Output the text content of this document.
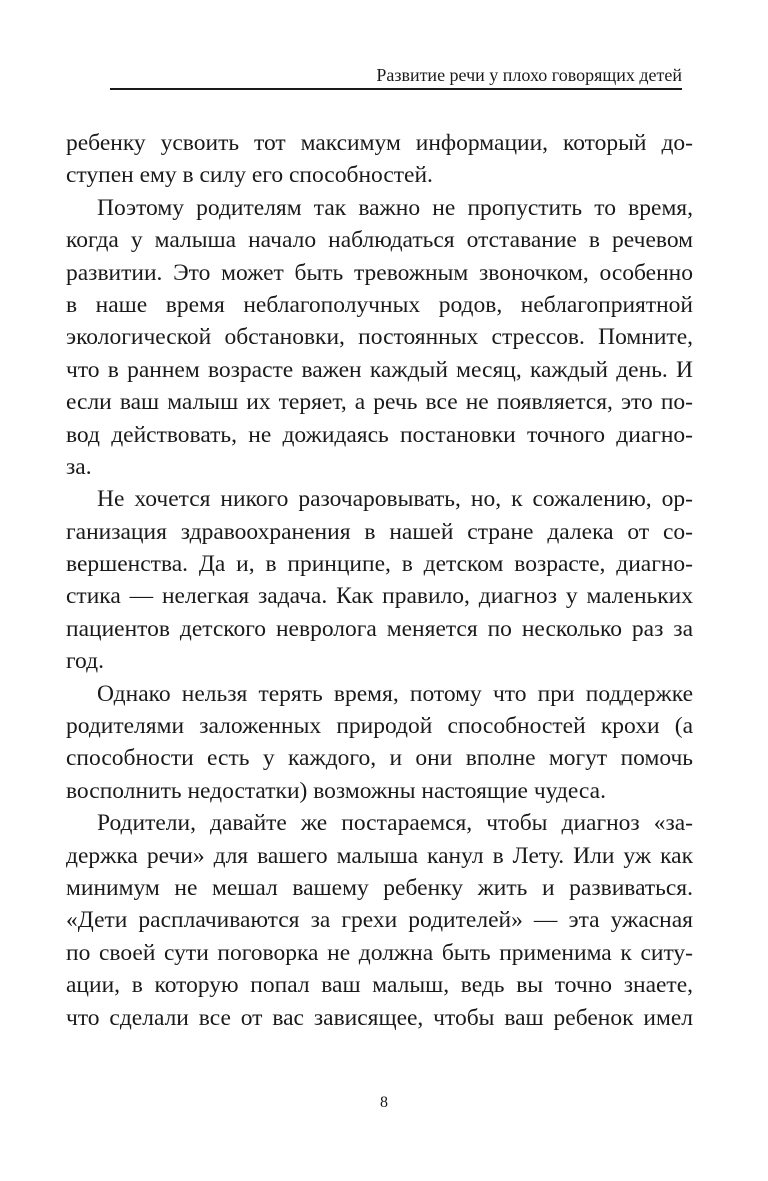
Развитие речи у плохо говорящих детей

ребенку усвоить тот максимум информации, который до-
ступен ему в силу его способностей.

Поэтому родителям так важно не пропустить то время,
когда у малыша начало наблюдаться отставание в речевом
развитии. Это может быть тревожным звоночком, особенно
в наше время неблагополучных родов, неблагоприятной
экологической обстановки, постоянных стрессов. Помните,
что в раннем возрасте важен каждый месяц, каждый день. И
если ваш малыш их теряет, а речь все не появляется, это по-
вод действовать, не дожидаясь постановки точного диагно-
за.

Не хочется никого разочаровывать, но, к сожалению, ор-
ганизация здравоохранения в нашей стране далека от со-
вершенства. Да и, в принципе, в детском возрасте, диагно-
стика — нелегкая задача. Как правило, диагноз у маленьких
пациентов детского невролога меняется по несколько раз за
год.

Однако нельзя терять время, потому что при поддержке
родителями заложенных природой способностей крохи (а
способности есть у каждого, и они вполне могут помочь
восполнить недостатки) возможны настоящие чудеса.

Родители, давайте же постараемся, чтобы диагноз «за-
держка речи» для вашего малыша канул в Лету. Или уж как
минимум не мешал вашему ребенку жить и развиваться.
«Дети расплачиваются за грехи родителей» — эта ужасная
по своей сути поговорка не должна быть применима к ситу-
ации, в которую попал ваш малыш, ведь вы точно знаете,
что сделали все от вас зависящее, чтобы ваш ребенок имел

8
